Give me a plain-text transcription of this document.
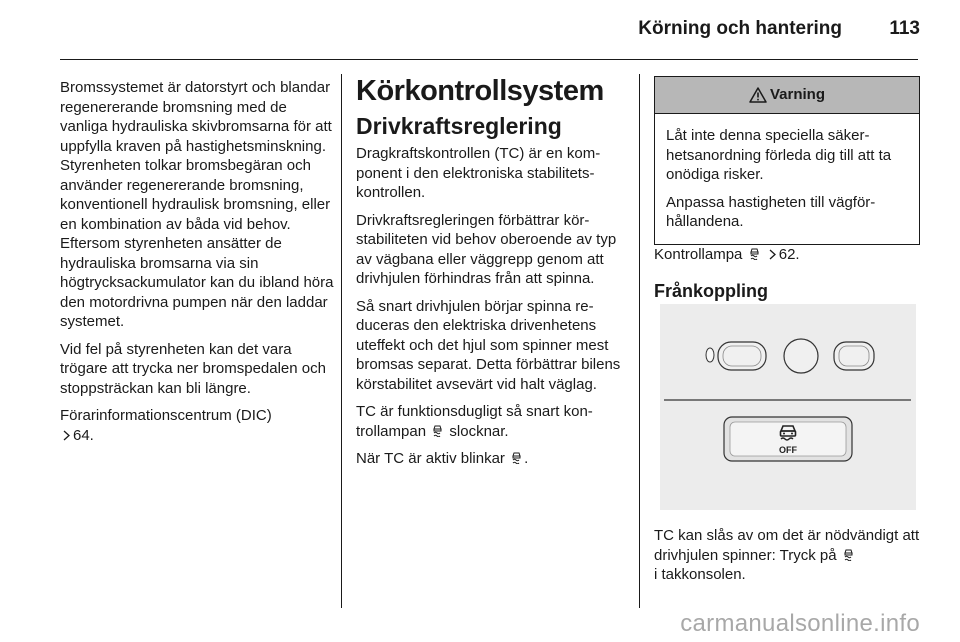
Körning och hantering 113

Bromssystemet är datorstyrt och blandar regenererande bromsning med de vanliga hydrauliska skivbromsarna för att uppfylla kraven på hastighetsminskning. Styrenheten tolkar bromsbegäran och använder regenererande bromsning, konventionell hydraulisk bromsning, eller en kombination av båda vid behov. Eftersom styrenheten ansätter de hydrauliska bromsarna via sin högtrycksackumulator kan du ibland höra den motordrivna pumpen när den laddar systemet.

Vid fel på styrenheten kan det vara trögare att trycka ner bromspedalen och stoppsträckan kan bli längre.

Förarinformationscentrum (DIC)
64.

Körkontrollsystem
Drivkraftsreglering

Dragkraftskontrollen (TC) är en komponent i den elektroniska stabilitetskontrollen.

Drivkraftsregleringen förbättrar körstabiliteten vid behov oberoende av typ av vägbana eller väggrepp genom att drivhjulen förhindras från att spinna.

Så snart drivhjulen börjar spinna reduceras den elektriska drivenhetens uteffekt och det hjul som spinner mest bromsas separat. Detta förbättrar bilens körstabilitet avsevärt vid halt väglag.

TC är funktionsdugligt så snart kontrollampan slocknar.

När TC är aktiv blinkar .

Varning

Låt inte denna speciella säkerhetsanordning förleda dig till att ta onödiga risker.

Anpassa hastigheten till vägförhållandena.

Kontrollampa 62.

Frånkoppling
OFF
TC kan slås av om det är nödvändigt att drivhjulen spinner: Tryck på
i takkonsolen.
carmanualsonline.info
